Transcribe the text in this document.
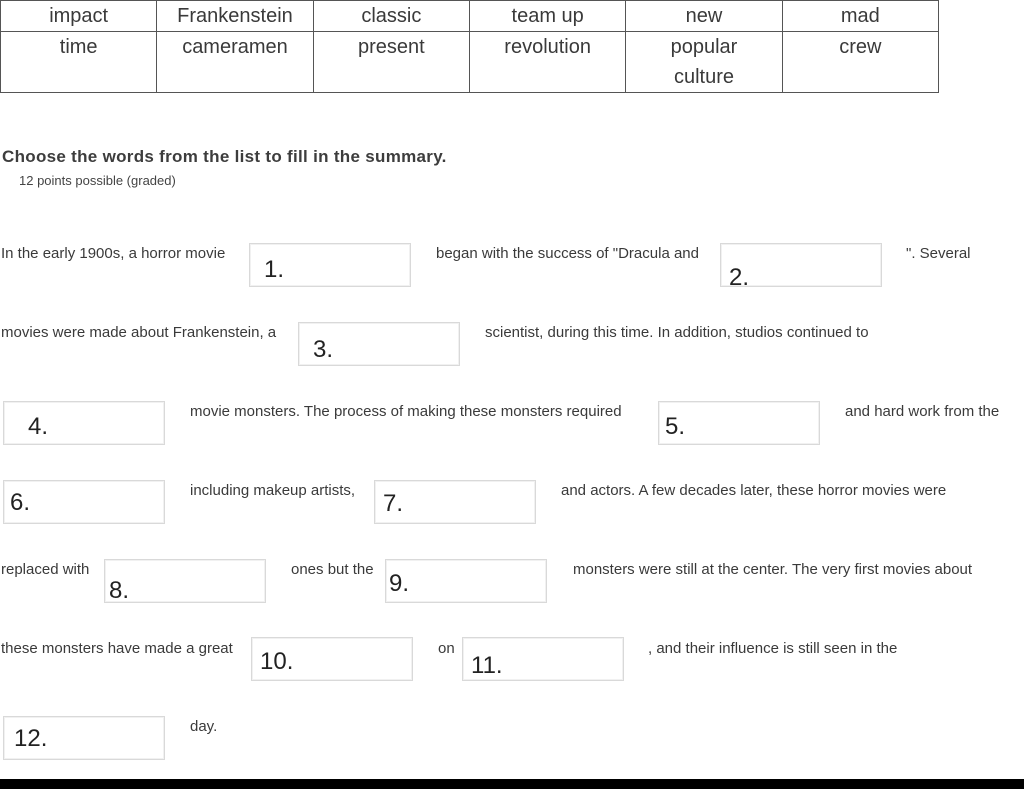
impact	Frankenstein	classic	team up	new	mad
time	cameramen	present	revolution	popular culture	crew
Choose the words from the list to fill in the summary.
12 points possible (graded)
In the early 1900s, a horror movie
1.
began with the success of "Dracula and
2.
". Several
movies were made about Frankenstein, a
3.
scientist, during this time. In addition, studios continued to
4.
movie monsters. The process of making these monsters required
5.
and hard work from the
6.	including makeup artists, 7.	and actors. A few decades later, these horror movies were
replaced with
8.
ones but the
9.
monsters were still at the center. The very first movies about
these monsters have made a great 10.	on
11.
, and their influence is still seen in the
12.	day.
